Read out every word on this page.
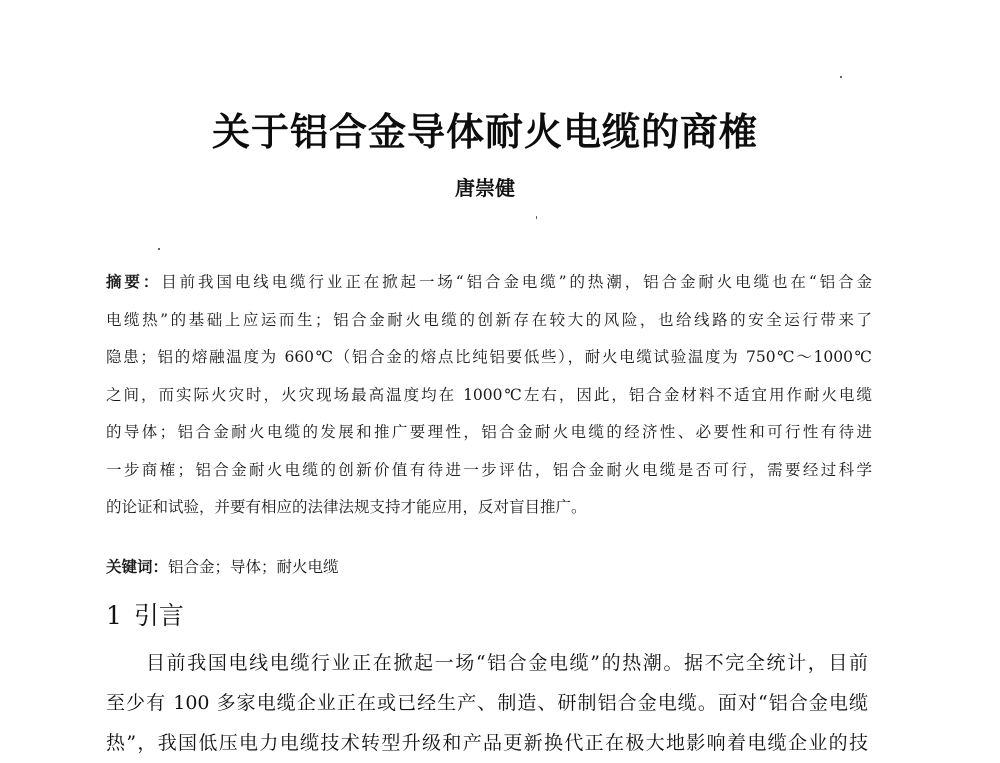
关于铝合金导体耐火电缆的商榷
唐崇健
摘要：目前我国电线电缆行业正在掀起一场“铝合金电缆”的热潮，铝合金耐火电缆也在“铝合金
电缆热”的基础上应运而生；铝合金耐火电缆的创新存在较大的风险，也给线路的安全运行带来了
隐患；铝的熔融温度为 660℃（铝合金的熔点比纯铝要低些），耐火电缆试验温度为 750℃～1000℃
之间，而实际火灾时，火灾现场最高温度均在 1000℃左右，因此，铝合金材料不适宜用作耐火电缆
的导体；铝合金耐火电缆的发展和推广要理性，铝合金耐火电缆的经济性、必要性和可行性有待进
一步商榷；铝合金耐火电缆的创新价值有待进一步评估，铝合金耐火电缆是否可行，需要经过科学
的论证和试验，并要有相应的法律法规支持才能应用，反对盲目推广。
关键词：铝合金；导体；耐火电缆
1 引言
目前我国电线电缆行业正在掀起一场“铝合金电缆”的热潮。据不完全统计，目前
至少有 100 多家电缆企业正在或已经生产、制造、研制铝合金电缆。面对“铝合金电缆
热”，我国低压电力电缆技术转型升级和产品更新换代正在极大地影响着电缆企业的技
